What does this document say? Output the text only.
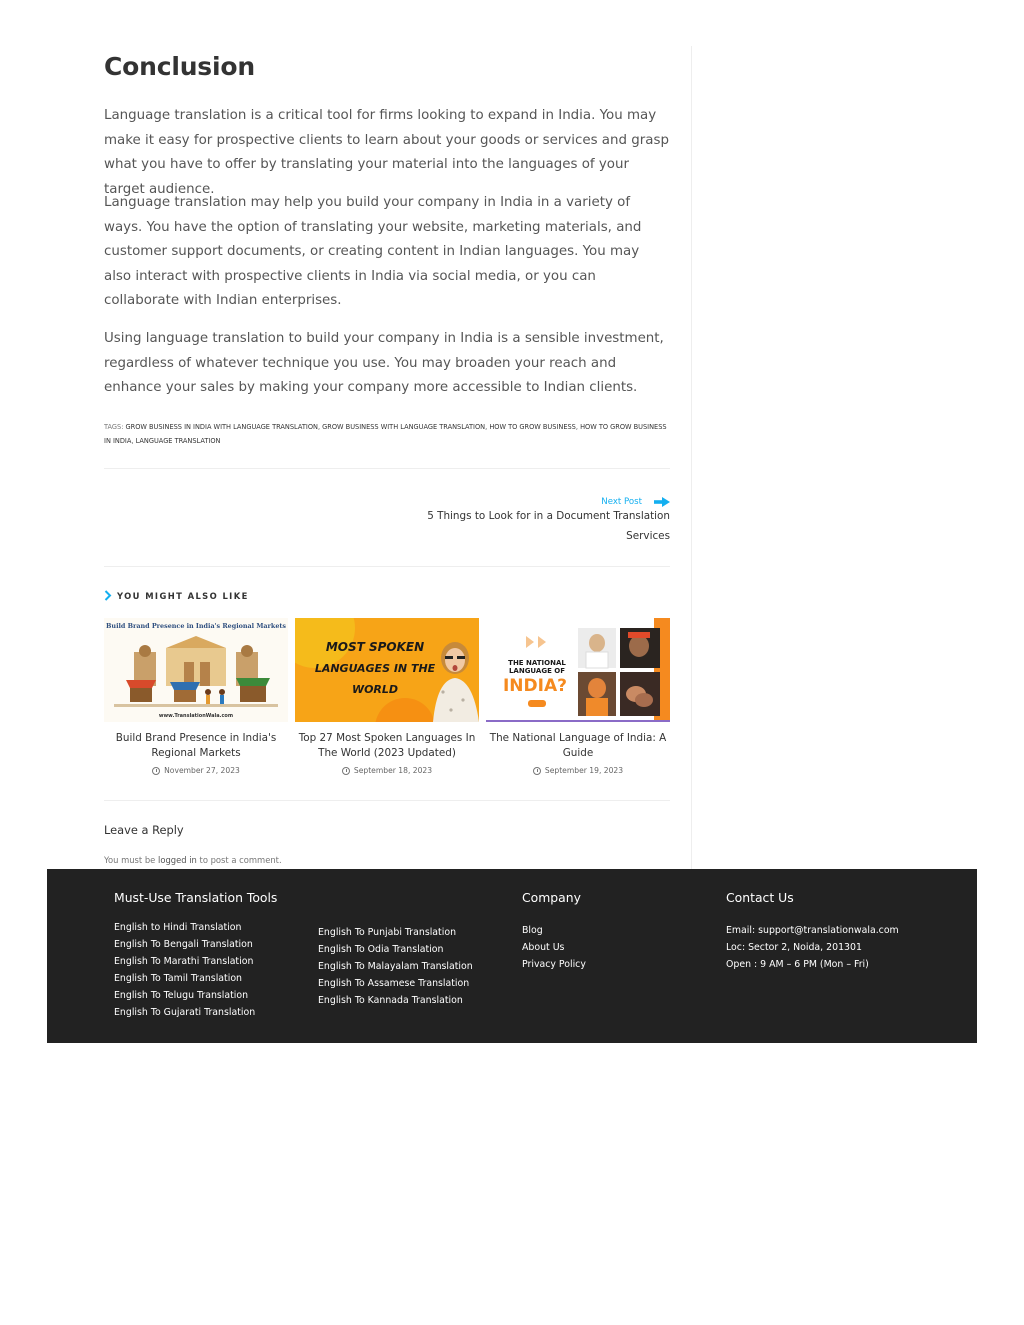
Conclusion

Language translation is a critical tool for firms looking to expand in India. You may make it easy for prospective clients to learn about your goods or services and grasp what you have to offer by translating your material into the languages of your target audience.

Language translation may help you build your company in India in a variety of ways. You have the option of translating your website, marketing materials, and customer support documents, or creating content in Indian languages. You may also interact with prospective clients in India via social media, or you can collaborate with Indian enterprises.

Using language translation to build your company in India is a sensible investment, regardless of whatever technique you use. You may broaden your reach and enhance your sales by making your company more accessible to Indian clients.

TAGS: GROW BUSINESS IN INDIA WITH LANGUAGE TRANSLATION, GROW BUSINESS WITH LANGUAGE TRANSLATION, HOW TO GROW BUSINESS, HOW TO GROW BUSINESS IN INDIA, LANGUAGE TRANSLATION
Next Post
5 Things to Look for in a Document Translation Services
YOU MIGHT ALSO LIKE
Build Brand Presence in India's Regional Markets
www.TranslationWala.com
Build Brand Presence in India's Regional Markets
November 27, 2023
MOST SPOKEN
LANGUAGES IN THE
WORLD
Top 27 Most Spoken Languages In The World (2023 Updated)
September 18, 2023
THE NATIONAL
LANGUAGE OF
INDIA?
The National Language of India: A Guide
September 19, 2023
Leave a Reply

You must be logged in to post a comment.

Must-Use Translation Tools
English to Hindi Translation
English To Bengali Translation
English To Marathi Translation
English To Tamil Translation
English To Telugu Translation
English To Gujarati Translation
English To Punjabi Translation
English To Odia Translation
English To Malayalam Translation
English To Assamese Translation
English To Kannada Translation
Company
Blog
About Us
Privacy Policy
Contact Us
Email: support@translationwala.com
Loc: Sector 2, Noida, 201301
Open : 9 AM – 6 PM (Mon – Fri)
